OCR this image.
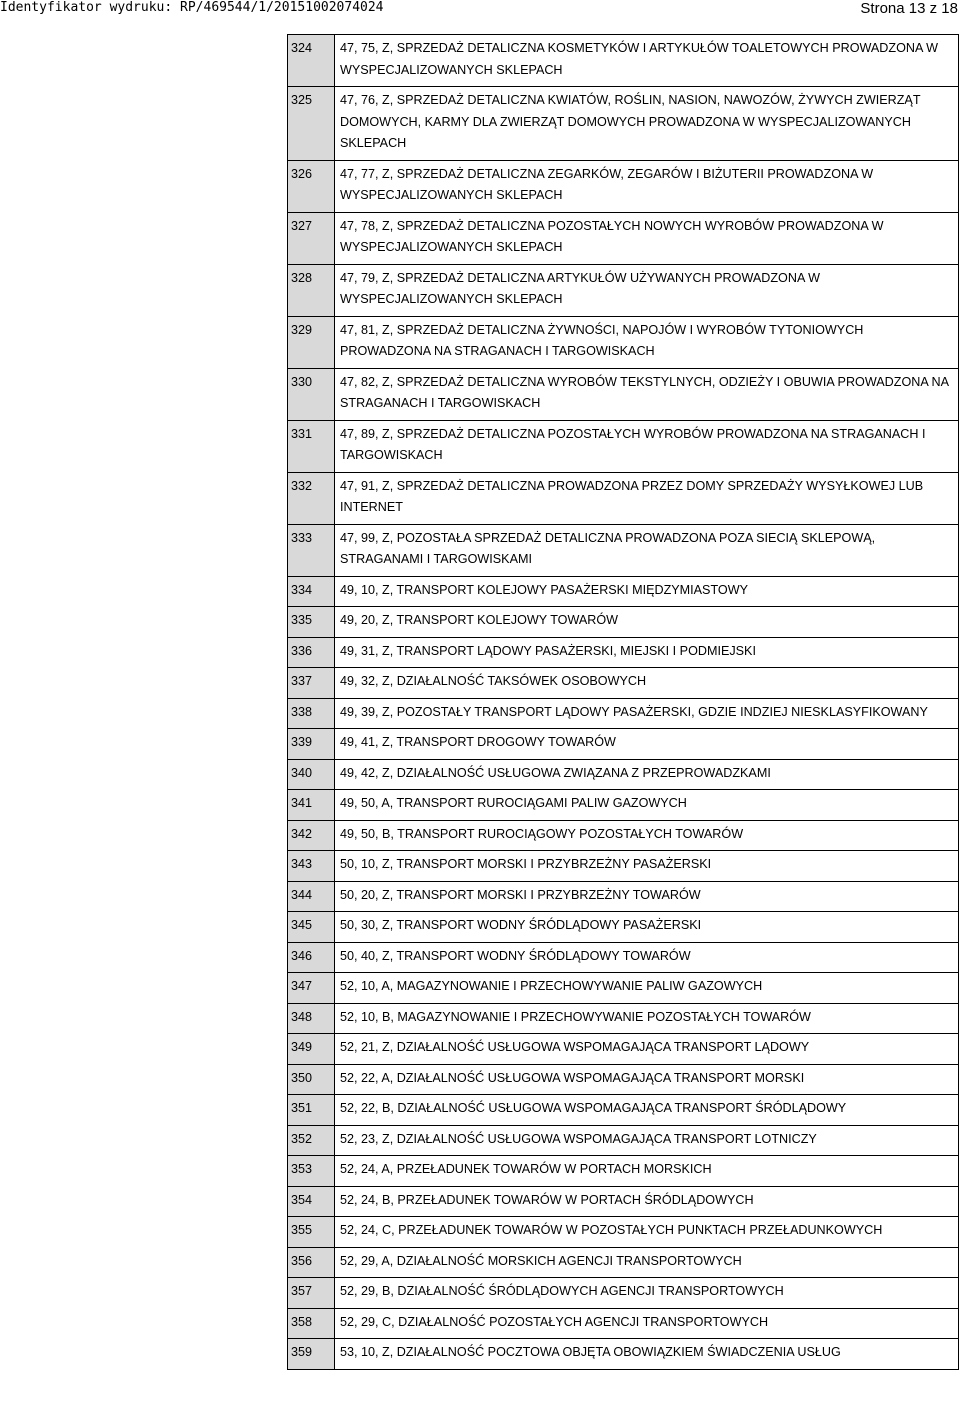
Identyfikator wydruku: RP/469544/1/20151002074024	Strona 13 z 18
324	47, 75, Z, SPRZEDAŻ DETALICZNA KOSMETYKÓW I ARTYKUŁÓW TOALETOWYCH PROWADZONA W WYSPECJALIZOWANYCH SKLEPACH
325	47, 76, Z, SPRZEDAŻ DETALICZNA KWIATÓW, ROŚLIN, NASION, NAWOZÓW, ŻYWYCH ZWIERZĄT DOMOWYCH, KARMY DLA ZWIERZĄT DOMOWYCH PROWADZONA W WYSPECJALIZOWANYCH SKLEPACH
326	47, 77, Z, SPRZEDAŻ DETALICZNA ZEGARKÓW, ZEGARÓW I BIŻUTERII PROWADZONA W WYSPECJALIZOWANYCH SKLEPACH
327	47, 78, Z, SPRZEDAŻ DETALICZNA POZOSTAŁYCH NOWYCH WYROBÓW PROWADZONA W WYSPECJALIZOWANYCH SKLEPACH
328	47, 79, Z, SPRZEDAŻ DETALICZNA ARTYKUŁÓW UŻYWANYCH PROWADZONA W WYSPECJALIZOWANYCH SKLEPACH
329	47, 81, Z, SPRZEDAŻ DETALICZNA ŻYWNOŚCI, NAPOJÓW I WYROBÓW TYTONIOWYCH PROWADZONA NA STRAGANACH I TARGOWISKACH
330	47, 82, Z, SPRZEDAŻ DETALICZNA WYROBÓW TEKSTYLNYCH, ODZIEŻY I OBUWIA PROWADZONA NA STRAGANACH I TARGOWISKACH
331	47, 89, Z, SPRZEDAŻ DETALICZNA POZOSTAŁYCH WYROBÓW PROWADZONA NA STRAGANACH I TARGOWISKACH
332	47, 91, Z, SPRZEDAŻ DETALICZNA PROWADZONA PRZEZ DOMY SPRZEDAŻY WYSYŁKOWEJ LUB INTERNET
333	47, 99, Z, POZOSTAŁA SPRZEDAŻ DETALICZNA PROWADZONA POZA SIECIĄ SKLEPOWĄ, STRAGANAMI I TARGOWISKAMI
334	49, 10, Z, TRANSPORT KOLEJOWY PASAŻERSKI MIĘDZYMIASTOWY
335	49, 20, Z, TRANSPORT KOLEJOWY TOWARÓW
336	49, 31, Z, TRANSPORT LĄDOWY PASAŻERSKI, MIEJSKI I PODMIEJSKI
337	49, 32, Z, DZIAŁALNOŚĆ TAKSÓWEK OSOBOWYCH
338	49, 39, Z, POZOSTAŁY TRANSPORT LĄDOWY PASAŻERSKI, GDZIE INDZIEJ NIESKLASYFIKOWANY
339	49, 41, Z, TRANSPORT DROGOWY TOWARÓW
340	49, 42, Z, DZIAŁALNOŚĆ USŁUGOWA ZWIĄZANA Z PRZEPROWADZKAMI
341	49, 50, A, TRANSPORT RUROCIĄGAMI PALIW GAZOWYCH
342	49, 50, B, TRANSPORT RUROCIĄGOWY POZOSTAŁYCH TOWARÓW
343	50, 10, Z, TRANSPORT MORSKI I PRZYBRZEŻNY PASAŻERSKI
344	50, 20, Z, TRANSPORT MORSKI I PRZYBRZEŻNY TOWARÓW
345	50, 30, Z, TRANSPORT WODNY ŚRÓDLĄDOWY PASAŻERSKI
346	50, 40, Z, TRANSPORT WODNY ŚRÓDLĄDOWY TOWARÓW
347	52, 10, A, MAGAZYNOWANIE I PRZECHOWYWANIE PALIW GAZOWYCH
348	52, 10, B, MAGAZYNOWANIE I PRZECHOWYWANIE POZOSTAŁYCH TOWARÓW
349	52, 21, Z, DZIAŁALNOŚĆ USŁUGOWA WSPOMAGAJĄCA TRANSPORT LĄDOWY
350	52, 22, A, DZIAŁALNOŚĆ USŁUGOWA WSPOMAGAJĄCA TRANSPORT MORSKI
351	52, 22, B, DZIAŁALNOŚĆ USŁUGOWA WSPOMAGAJĄCA TRANSPORT ŚRÓDLĄDOWY
352	52, 23, Z, DZIAŁALNOŚĆ USŁUGOWA WSPOMAGAJĄCA TRANSPORT LOTNICZY
353	52, 24, A, PRZEŁADUNEK TOWARÓW W PORTACH MORSKICH
354	52, 24, B, PRZEŁADUNEK TOWARÓW W PORTACH ŚRÓDLĄDOWYCH
355	52, 24, C, PRZEŁADUNEK TOWARÓW W POZOSTAŁYCH PUNKTACH PRZEŁADUNKOWYCH
356	52, 29, A, DZIAŁALNOŚĆ MORSKICH AGENCJI TRANSPORTOWYCH
357	52, 29, B, DZIAŁALNOŚĆ ŚRÓDLĄDOWYCH AGENCJI TRANSPORTOWYCH
358	52, 29, C, DZIAŁALNOŚĆ POZOSTAŁYCH AGENCJI TRANSPORTOWYCH
359	53, 10, Z, DZIAŁALNOŚĆ POCZTOWA OBJĘTA OBOWIĄZKIEM ŚWIADCZENIA USŁUG
